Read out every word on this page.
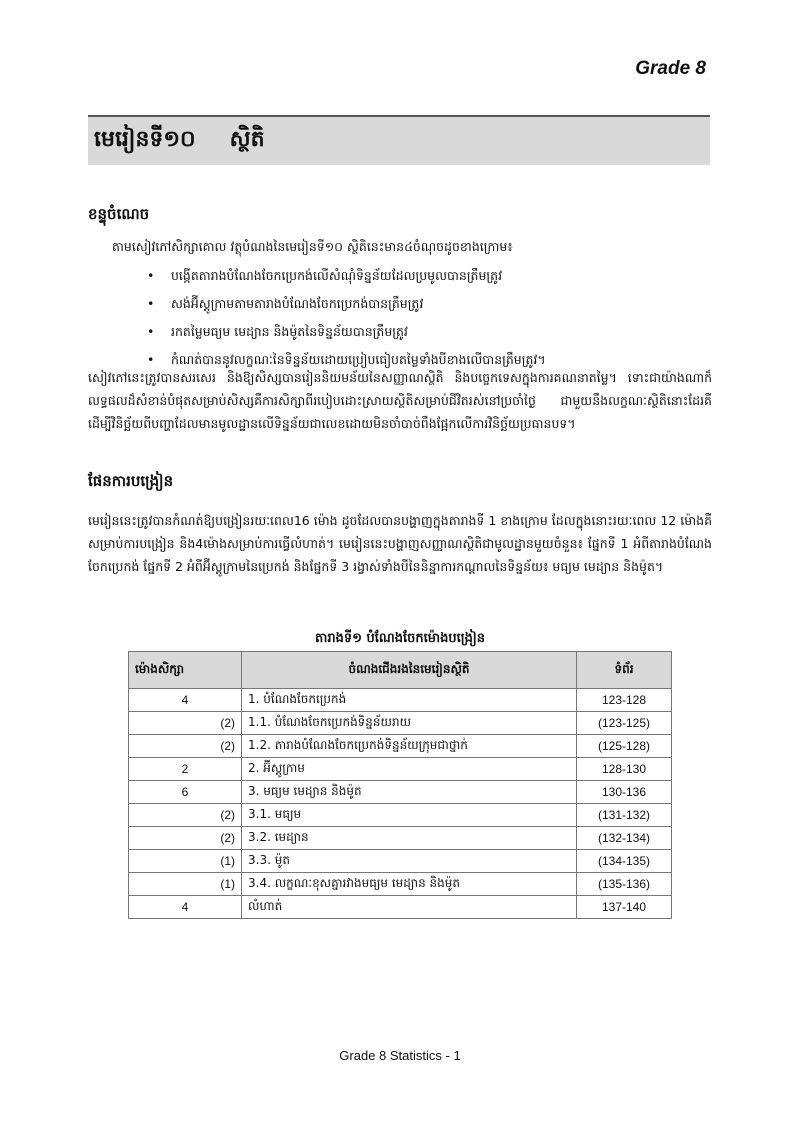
Grade 8
មេរៀនទី១០ ស្ថិតិ
ខន្ទុចំណេច
តាមសៀវភៅសិក្សាគោល វត្ថុបំណងនៃមេរៀនទី១០ ស្ថិតិនេះមាន៤ចំណុចដូចខាងក្រោម៖
• បង្កើតតារាងបំណែងចែកប្រេកង់លើសំណុំទិន្នន័យដែលប្រមូលបានត្រឹមត្រូវ
• សង់អ៊ីស្តូក្រាមតាមតារាងបំណែងចែកប្រេកង់បានត្រឹមត្រូវ
• រកតម្លៃមធ្យម មេដ្យាន និងម៉ូតនៃទិន្នន័យបានត្រឹមត្រូវ
• កំណត់បាននូវលក្ខណៈនៃទិន្នន័យដោយប្រៀបធៀបតម្លៃទាំងបីខាងលើបានត្រឹមត្រូវ។
សៀវភៅនេះត្រូវបានសរសេរ និងឱ្យសិស្សបានរៀននិយមន័យនៃសញ្ញាណស្ថិតិ និងបច្ចេកទេសក្នុងការគណនាតម្លៃ។ ទោះជាយ៉ាងណាក៏លទ្ធផលដ៏សំខាន់បំផុតសម្រាប់សិស្សគឺការសិក្សាពីរបៀបដោះស្រាយស្ថិតិសម្រាប់ជីវិតរស់នៅប្រចាំថ្ងៃ ជាមួយនឹងលក្ខណៈស្ថិតិនោះដែរគឺដើម្បីវិនិច្ឆ័យពីបញ្ហាដែលមានមូលដ្ឋានលើទិន្នន័យជាលេខដោយមិនចាំបាច់ពឹងផ្អែកលើការវិនិច្ឆ័យប្រធានបទ។
ផែនការបង្រៀន
មេរៀននេះត្រូវបានកំណត់ឱ្យបង្រៀនរយៈពេល16 ម៉ោង ដូចដែលបានបង្ហាញក្នុងតារាងទី 1 ខាងក្រោម ដែលក្នុងនោះរយៈពេល 12 ម៉ោងគឺសម្រាប់ការបង្រៀន និង4ម៉ោងសម្រាប់ការធ្វើលំហាត់។ មេរៀននេះបង្ហាញសញ្ញាណស្ថិតិជាមូលដ្ឋានមួយចំនួន៖ ផ្នែកទី 1 អំពីតារាងបំណែងចែកប្រេកង់ ផ្នែកទី 2 អំពីអ៊ីស្តូក្រាមនៃប្រេកង់ និងផ្នែកទី 3 រង្វាស់ទាំងបីនៃនិន្នាការកណ្តាលនៃទិន្នន័យ៖ មធ្យម មេដ្យាន និងម៉ូត។
តារាងទី១ បំណែងចែកម៉ោងបង្រៀន
ម៉ោងសិក្សា	ចំណងជើងរងនៃមេរៀនស្ថិតិ	ទំព័រ
4	1. បំណែងចែកប្រេកង់	123-128
(2)	1.1. បំណែងចែកប្រេកង់ទិន្នន័យរាយ	(123-125)
(2)	1.2. តារាងបំណែងចែកប្រេកង់ទិន្នន័យក្រុមជាថ្នាក់	(125-128)
2	2. អ៊ីស្តូក្រាម	128-130
6	3. មធ្យម មេដ្យាន និងម៉ូត	130-136
(2)	3.1. មធ្យម	(131-132)
(2)	3.2. មេដ្យាន	(132-134)
(1)	3.3. ម៉ូត	(134-135)
(1)	3.4. លក្ខណៈខុសគ្នារវាងមធ្យម មេដ្យាន និងម៉ូត	(135-136)
4	លំហាត់	137-140
Grade 8 Statistics - 1
